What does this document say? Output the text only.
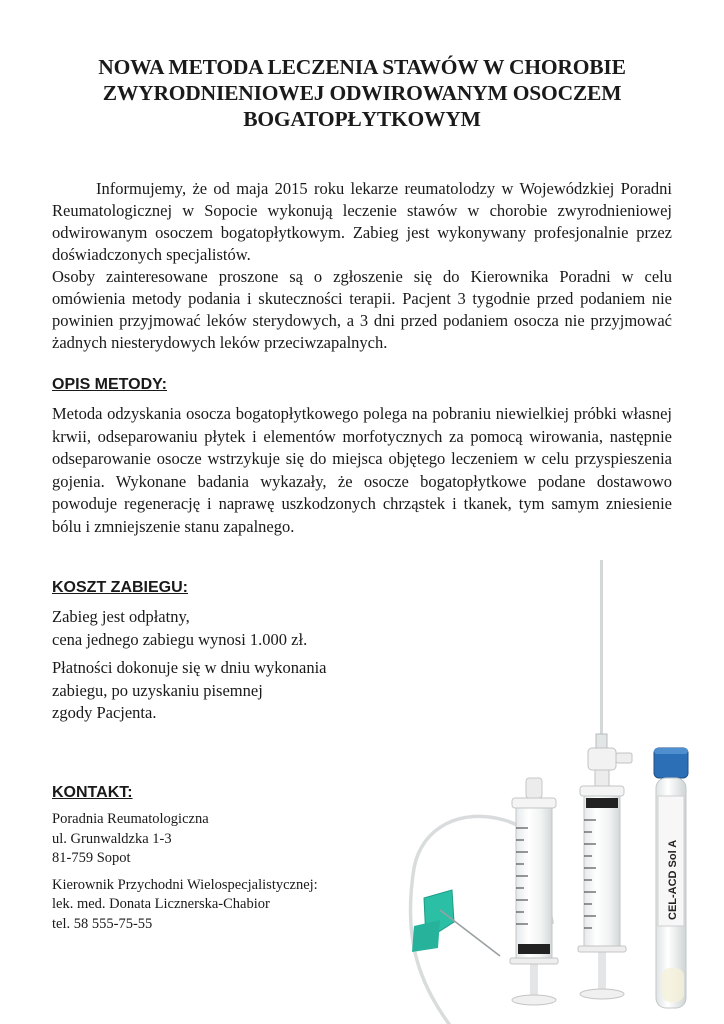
NOWA METODA LECZENIA STAWÓW W CHOROBIE
ZWYRODNIENIOWEJ ODWIROWANYM OSOCZEM
BOGATOPŁYTKOWYM

Informujemy, że od maja 2015 roku lekarze reumatolodzy w Wojewódzkiej Poradni Reumatologicznej w Sopocie wykonują leczenie stawów w chorobie zwyrodnieniowej odwirowanym osoczem bogatopłytkowym. Zabieg jest wykonywany profesjonalnie przez doświadczonych specjalistów.

Osoby zainteresowane proszone są o zgłoszenie się do Kierownika Poradni w celu omówienia metody podania i skuteczności terapii. Pacjent 3 tygodnie przed podaniem nie powinien przyjmować leków sterydowych, a 3 dni przed podaniem osocza nie przyjmować żadnych niesterydowych leków przeciwzapalnych.

OPIS METODY:

Metoda odzyskania osocza bogatopłytkowego polega na pobraniu niewielkiej próbki własnej krwii, odseparowaniu płytek i elementów morfotycznych za pomocą wirowania, następnie odseparowanie osocze wstrzykuje się do miejsca objętego leczeniem w celu przyspieszenia gojenia. Wykonane badania wykazały, że osocze bogatopłytkowe podane dostawowo powoduje regenerację i naprawę uszkodzonych chrząstek i tkanek, tym samym zniesienie bólu i zmniejszenie stanu zapalnego.

KOSZT ZABIEGU:

Zabieg jest odpłatny,
cena jednego zabiegu wynosi 1.000 zł.

Płatności dokonuje się w dniu wykonania
zabiegu, po uzyskaniu pisemnej
zgody Pacjenta.

KONTAKT:

Poradnia Reumatologiczna
ul. Grunwaldzka 1-3
81-759 Sopot

Kierownik Przychodni Wielospecjalistycznej:
lek. med. Donata Licznerska-Chabior
tel. 58 555-75-55

CEL-ACD Sol A
